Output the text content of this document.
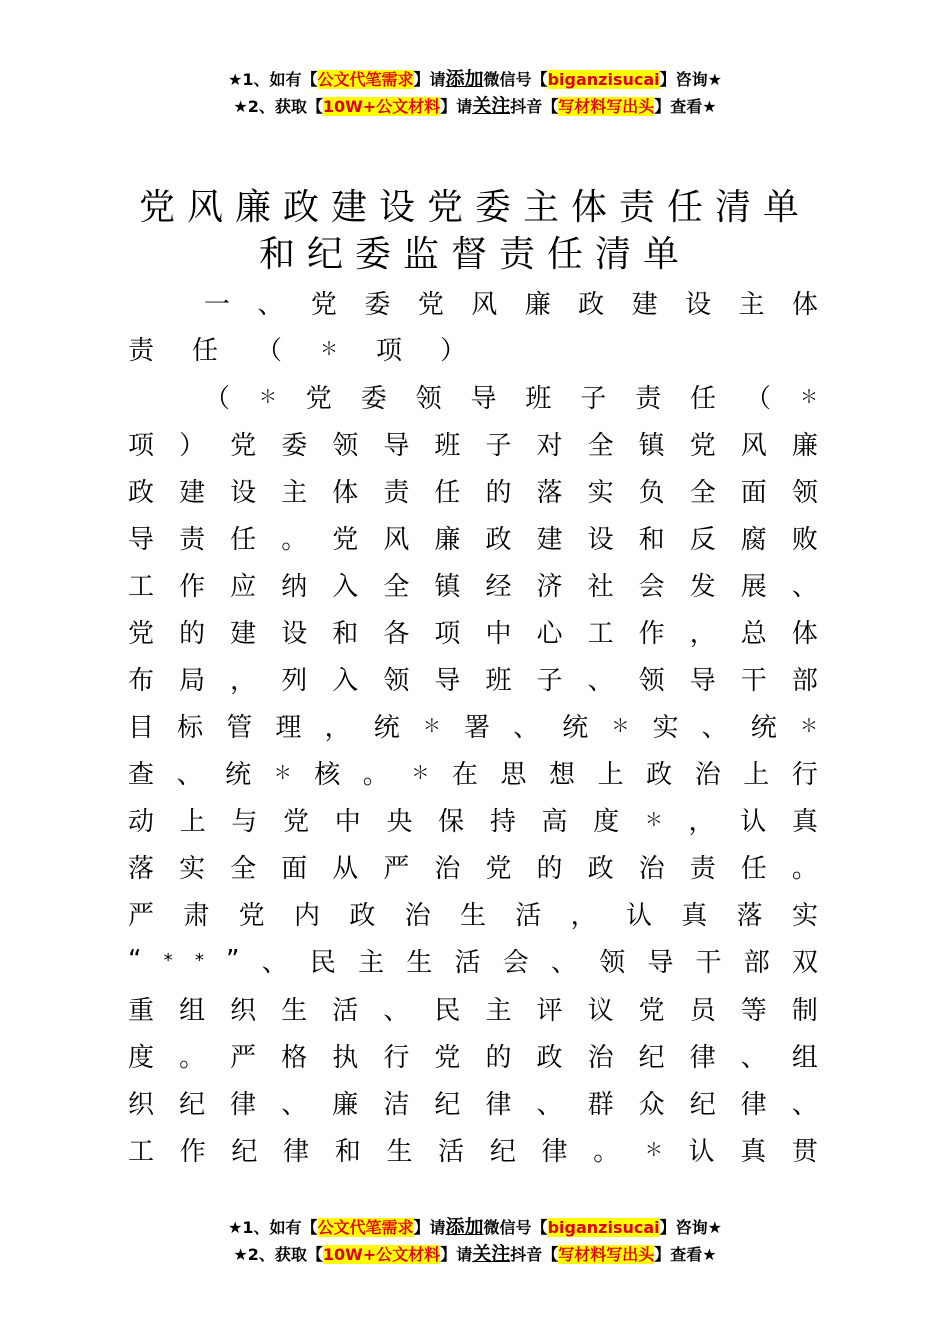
★1、如有【公文代笔需求】请添加微信号【biganzisucai】咨询★
★2、获取【10W+公文材料】请关注抖音【写材料写出头】查看★
党风廉政建设党委主体责任清单
和纪委监督责任清单
一 、 党 委 党 风 廉 政 建 设 主 体
责 任 （ ＊ 项 ）
（ ＊ 党 委 领 导 班 子 责 任 （ ＊
项 ） 党 委 领 导 班 子 对 全 镇 党 风 廉
政 建 设 主 体 责 任 的 落 实 负 全 面 领
导 责 任 。 党 风 廉 政 建 设 和 反 腐 败
工 作 应 纳 入 全 镇 经 济 社 会 发 展 、
党 的 建 设 和 各 项 中 心 工 作 ， 总 体
布 局 ， 列 入 领 导 班 子 、 领 导 干 部
目 标 管 理 ， 统 ＊ 署 、 统 ＊ 实 、 统 ＊
查 、 统 ＊ 核 。 ＊ 在 思 想 上 政 治 上 行
动 上 与 党 中 央 保 持 高 度 ＊ ， 认 真
落 实 全 面 从 严 治 党 的 政 治 责 任 。
严 肃 党 内 政 治 生 活 ， 认 真 落 实
“ * * ” 、 民 主 生 活 会 、 领 导 干 部 双
重 组 织 生 活 、 民 主 评 议 党 员 等 制
度 。 严 格 执 行 党 的 政 治 纪 律 、 组
织 纪 律 、 廉 洁 纪 律 、 群 众 纪 律 、
工 作 纪 律 和 生 活 纪 律 。 ＊ 认 真 贯
★1、如有【公文代笔需求】请添加微信号【biganzisucai】咨询★
★2、获取【10W+公文材料】请关注抖音【写材料写出头】查看★
